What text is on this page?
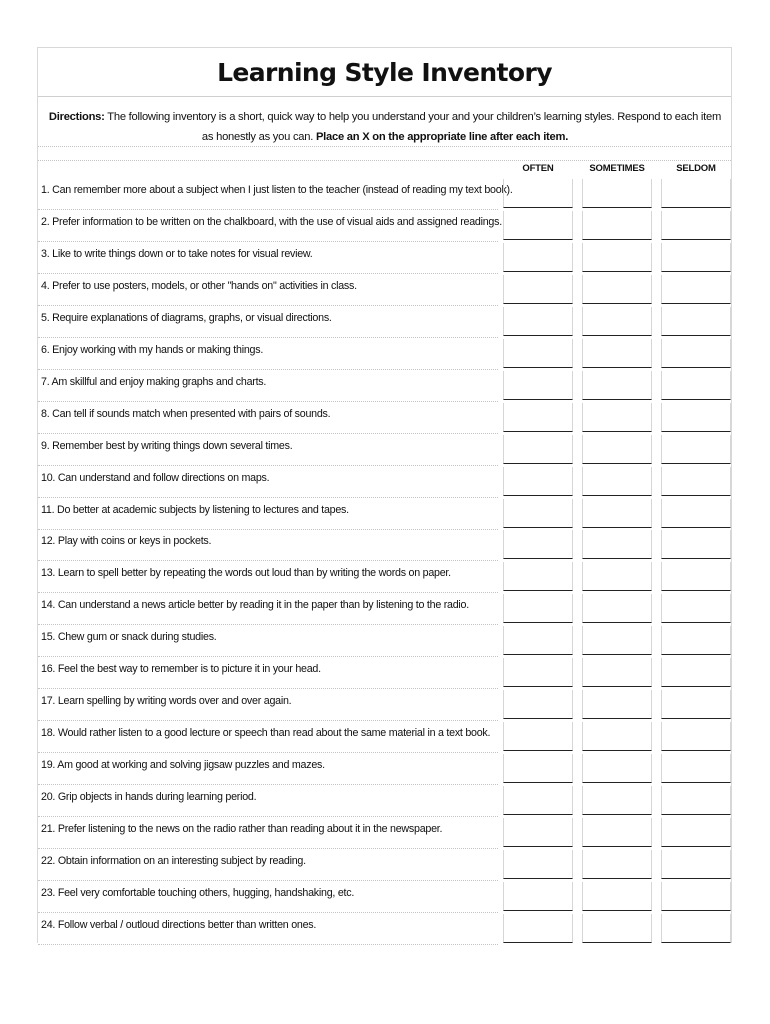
Learning Style Inventory
Directions: The following inventory is a short, quick way to help you understand your and your children’s learning styles. Respond to each item as honestly as you can. Place an X on the appropriate line after each item.
OFTEN	SOMETIMES	SELDOM
1. Can remember more about a subject when I just listen to the teacher (instead of reading my text book).
2. Prefer information to be written on the chalkboard, with the use of visual aids and assigned readings.
3. Like to write things down or to take notes for visual review.
4. Prefer to use posters, models, or other "hands on" activities in class.
5. Require explanations of diagrams, graphs, or visual directions.
6. Enjoy working with my hands or making things.
7. Am skillful and enjoy making graphs and charts.
8. Can tell if sounds match when presented with pairs of sounds.
9. Remember best by writing things down several times.
10. Can understand and follow directions on maps.
11. Do better at academic subjects by listening to lectures and tapes.
12. Play with coins or keys in pockets.
13. Learn to spell better by repeating the words out loud than by writing the words on paper.
14. Can understand a news article better by reading it in the paper than by listening to the radio.
15. Chew gum or snack during studies.
16. Feel the best way to remember is to picture it in your head.
17. Learn spelling by writing words over and over again.
18. Would rather listen to a good lecture or speech than read about the same material in a text book.
19. Am good at working and solving jigsaw puzzles and mazes.
20. Grip objects in hands during learning period.
21. Prefer listening to the news on the radio rather than reading about it in the newspaper.
22. Obtain information on an interesting subject by reading.
23. Feel very comfortable touching others, hugging, handshaking, etc.
24. Follow verbal / outloud directions better than written ones.
